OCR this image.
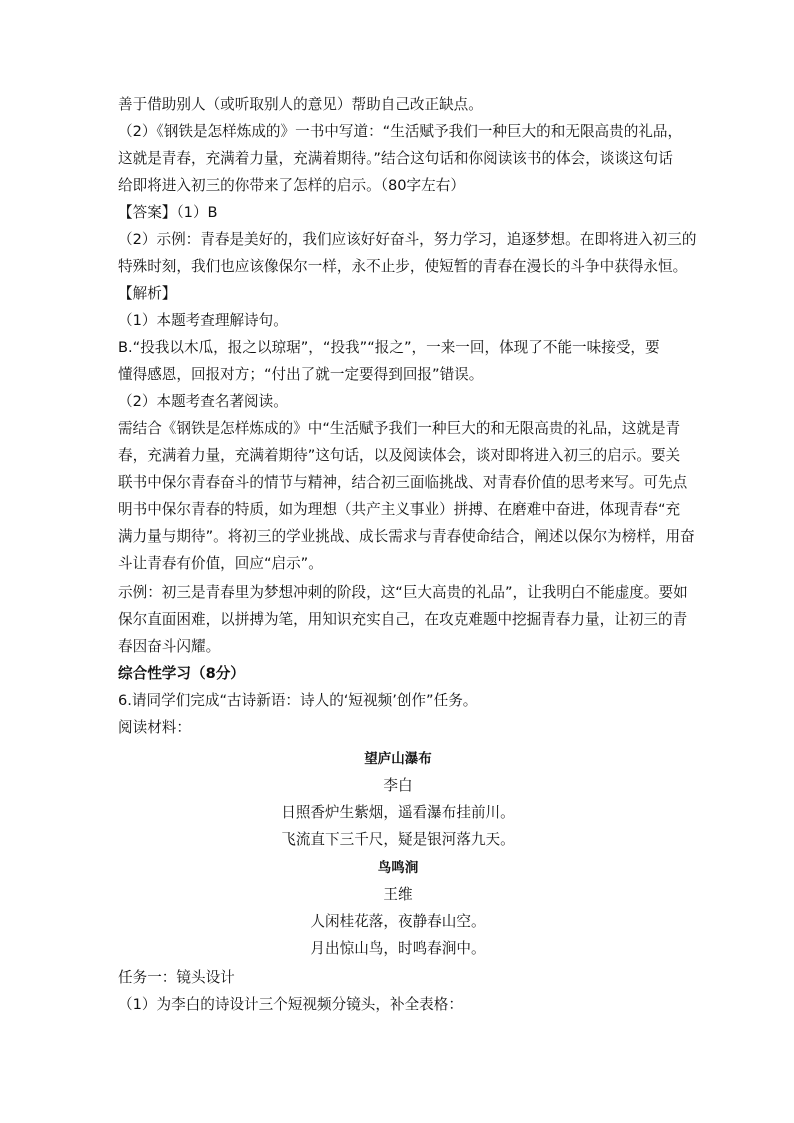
善于借助别人（或听取别人的意见）帮助自己改正缺点。

（2）《钢铁是怎样炼成的》一书中写道：“生活赋予我们一种巨大的和无限高贵的礼品，

这就是青春，充满着力量，充满着期待。”结合这句话和你阅读该书的体会，谈谈这句话

给即将进入初三的你带来了怎样的启示。（80字左右）

【答案】（1）B

（2）示例：青春是美好的，我们应该好好奋斗，努力学习，追逐梦想。在即将进入初三的

特殊时刻，我们也应该像保尔一样，永不止步，使短暂的青春在漫长的斗争中获得永恒。

【解析】

（1）本题考查理解诗句。

B.“投我以木瓜，报之以琼琚”，“投我”“报之”，一来一回，体现了不能一味接受，要

懂得感恩，回报对方；“付出了就一定要得到回报”错误。

（2）本题考查名著阅读。

需结合《钢铁是怎样炼成的》中“生活赋予我们一种巨大的和无限高贵的礼品，这就是青

春，充满着力量，充满着期待”这句话，以及阅读体会，谈对即将进入初三的启示。要关

联书中保尔青春奋斗的情节与精神，结合初三面临挑战、对青春价值的思考来写。可先点

明书中保尔青春的特质，如为理想（共产主义事业）拼搏、在磨难中奋进，体现青春“充

满力量与期待”。将初三的学业挑战、成长需求与青春使命结合，阐述以保尔为榜样，用奋

斗让青春有价值，回应“启示”。

示例：初三是青春里为梦想冲刺的阶段，这“巨大高贵的礼品”，让我明白不能虚度。要如

保尔直面困难，以拼搏为笔，用知识充实自己，在攻克难题中挖掘青春力量，让初三的青

春因奋斗闪耀。

综合性学习（8分）

6.请同学们完成“古诗新语：诗人的‘短视频’创作”任务。

阅读材料：

望庐山瀑布

李白

日照香炉生紫烟，遥看瀑布挂前川。

飞流直下三千尺，疑是银河落九天。

鸟鸣涧

王维

人闲桂花落，夜静春山空。

月出惊山鸟，时鸣春涧中。

任务一：镜头设计

（1）为李白的诗设计三个短视频分镜头，补全表格：
